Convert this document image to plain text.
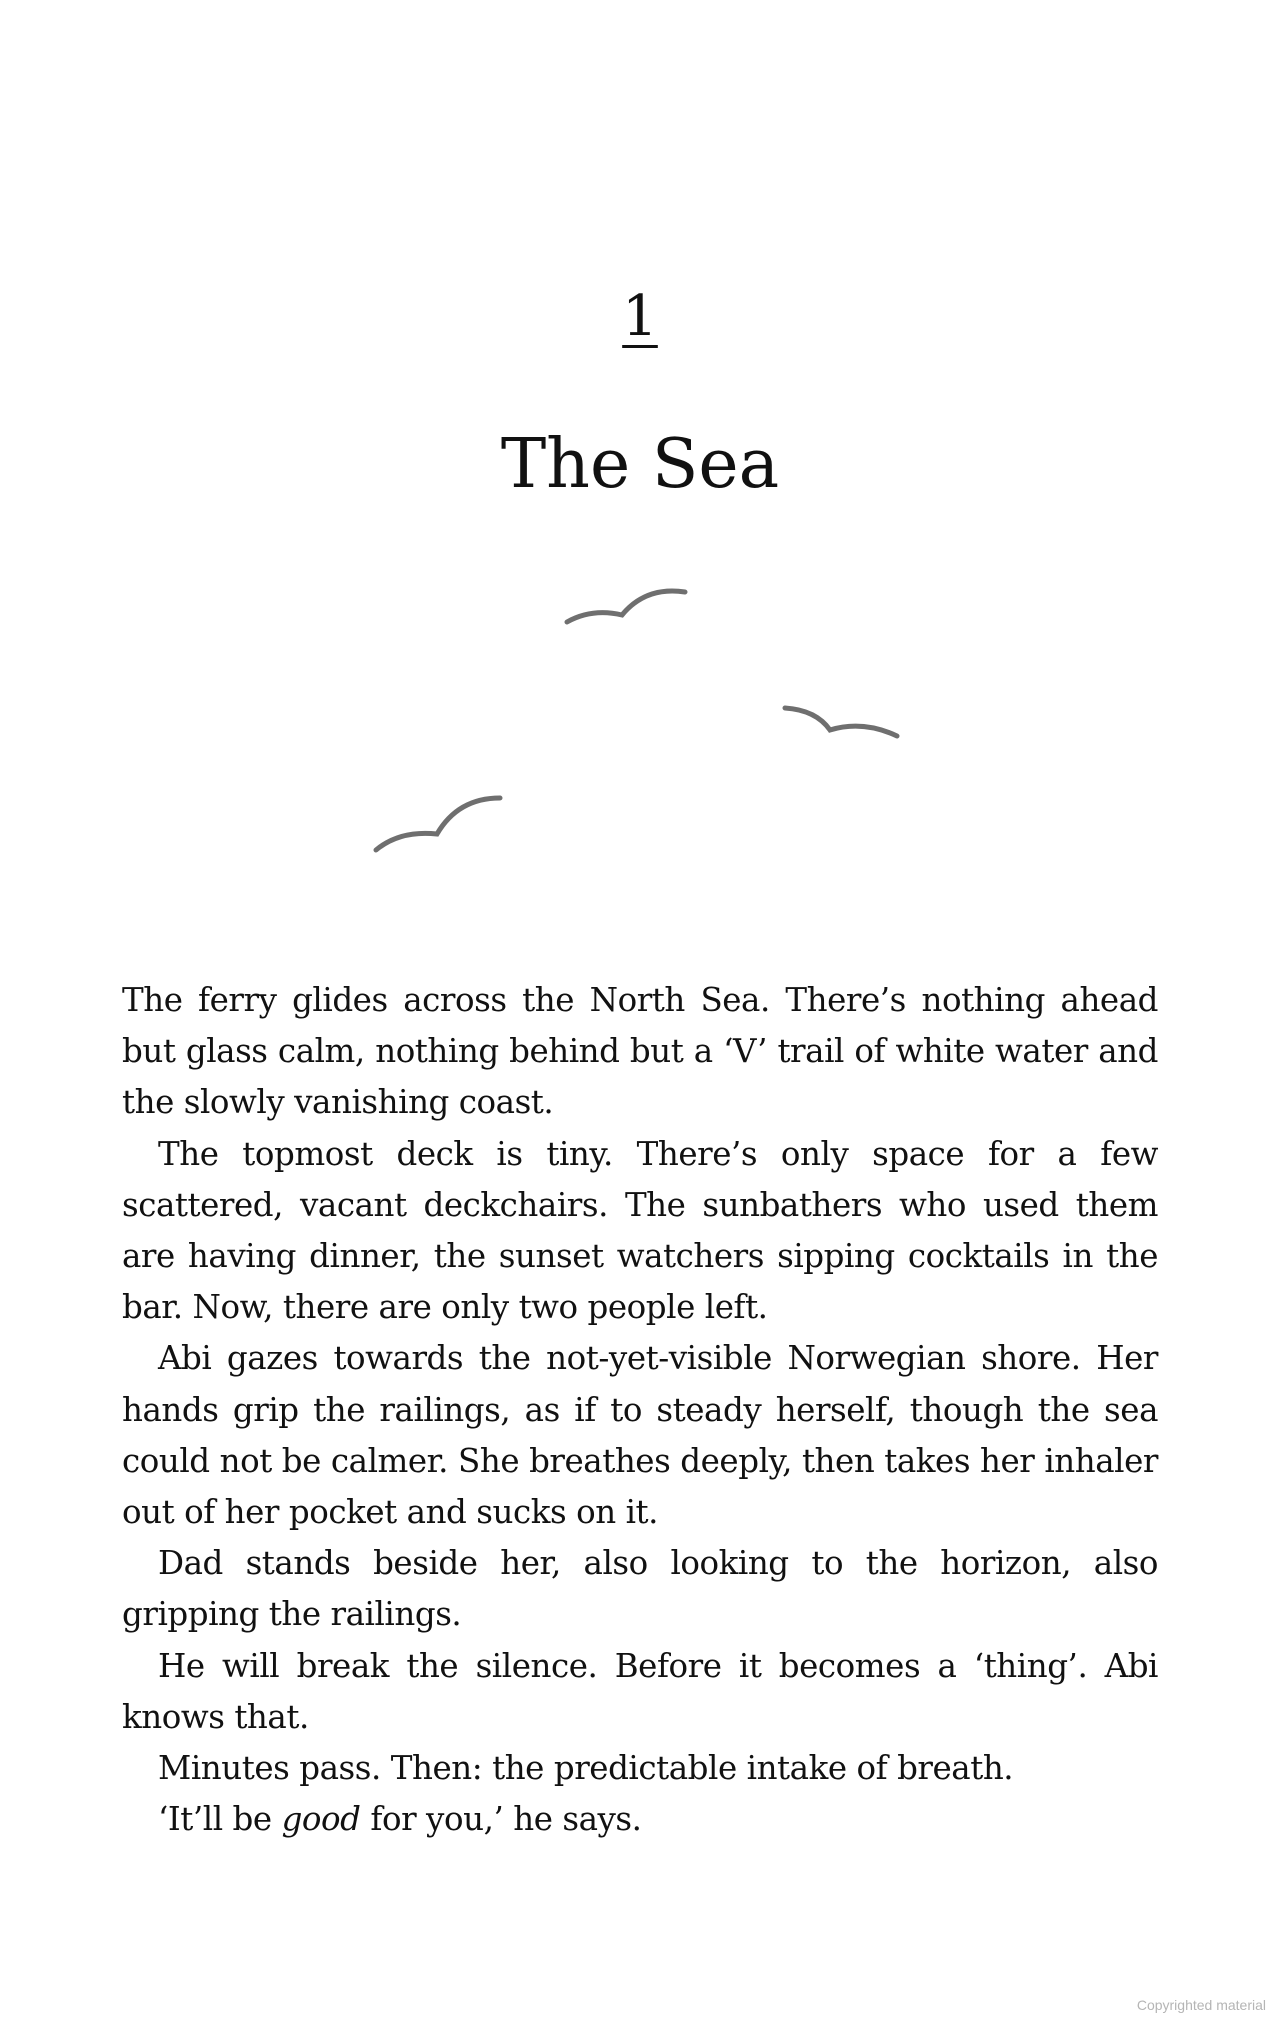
1
The Sea

The ferry glides across the North Sea. There’s nothing ahead but glass calm, nothing behind but a ‘V’ trail of white water and the slowly vanishing coast.

The topmost deck is tiny. There’s only space for a few scattered, vacant deckchairs. The sunbathers who used them are having dinner, the sunset watchers sipping cocktails in the bar. Now, there are only two people left.

Abi gazes towards the not-yet-visible Norwegian shore. Her hands grip the railings, as if to steady herself, though the sea could not be calmer. She breathes deeply, then takes her inhaler out of her pocket and sucks on it.

Dad stands beside her, also looking to the horizon, also gripping the railings.

He will break the silence. Before it becomes a ‘thing’. Abi knows that.

Minutes pass. Then: the predictable intake of breath.

‘It’ll be good for you,’ he says.

Copyrighted material
